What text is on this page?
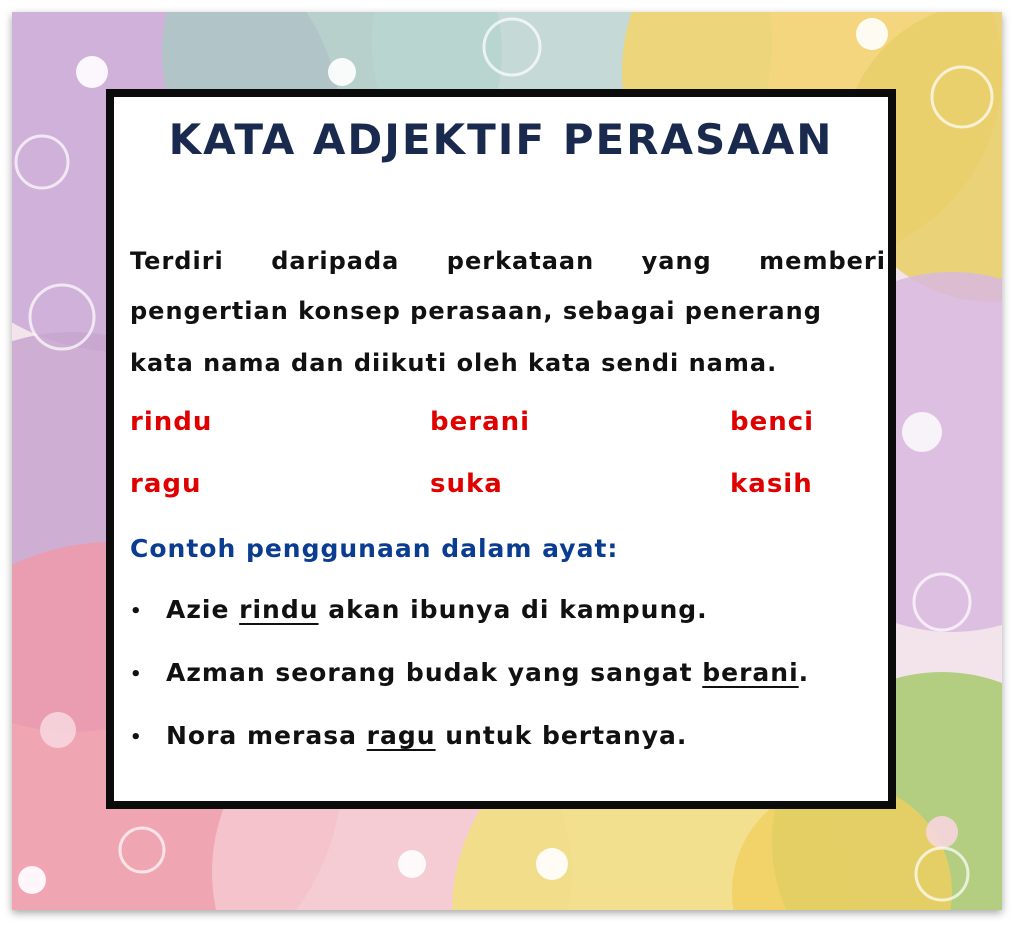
KATA ADJEKTIF PERASAAN
Terdiri daripada perkataan yang memberi
pengertian konsep perasaan, sebagai penerang
kata nama dan diikuti oleh kata sendi nama.
rindu	berani	benci
ragu	suka	kasih
Contoh penggunaan dalam ayat:
• Azie rindu akan ibunya di kampung.
• Azman seorang budak yang sangat berani.
• Nora merasa ragu untuk bertanya.
